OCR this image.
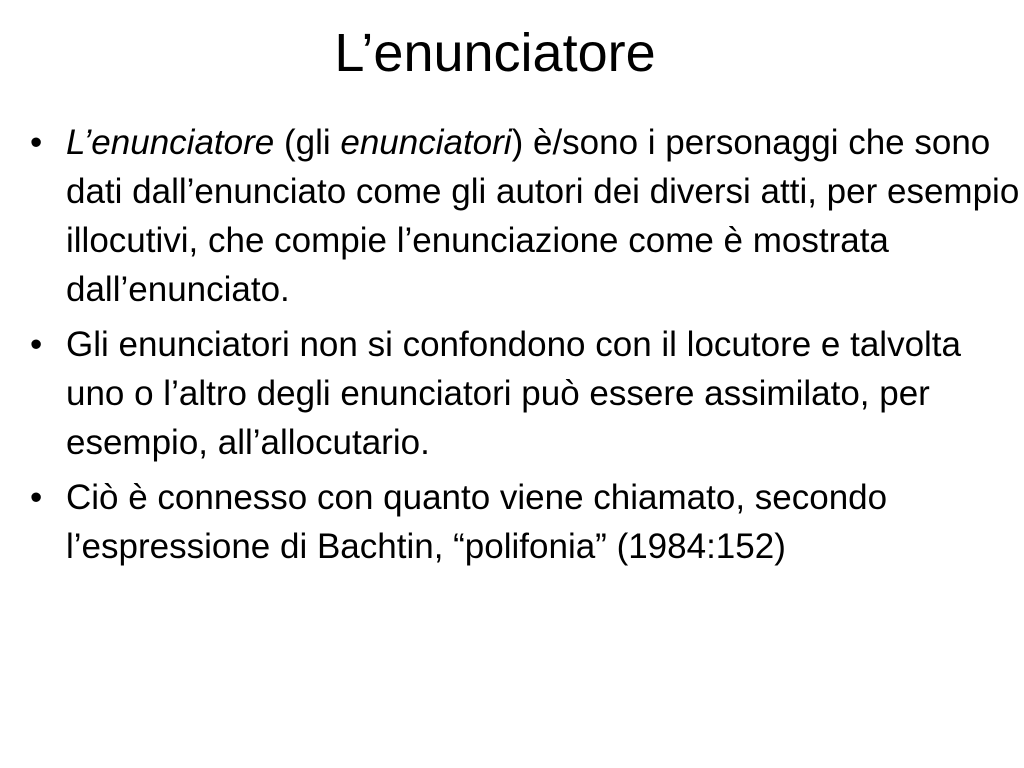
L’enunciatore
• L’enunciatore (gli enunciatori) è/sono i personaggi che sono dati dall’enunciato come gli autori dei diversi atti, per esempio illocutivi, che compie l’enunciazione come è mostrata dall’enunciato.
• Gli enunciatori non si confondono con il locutore e talvolta uno o l’altro degli enunciatori può essere assimilato, per esempio, all’allocutario.
• Ciò è connesso con quanto viene chiamato, secondo l’espressione di Bachtin, “polifonia” (1984:152)
